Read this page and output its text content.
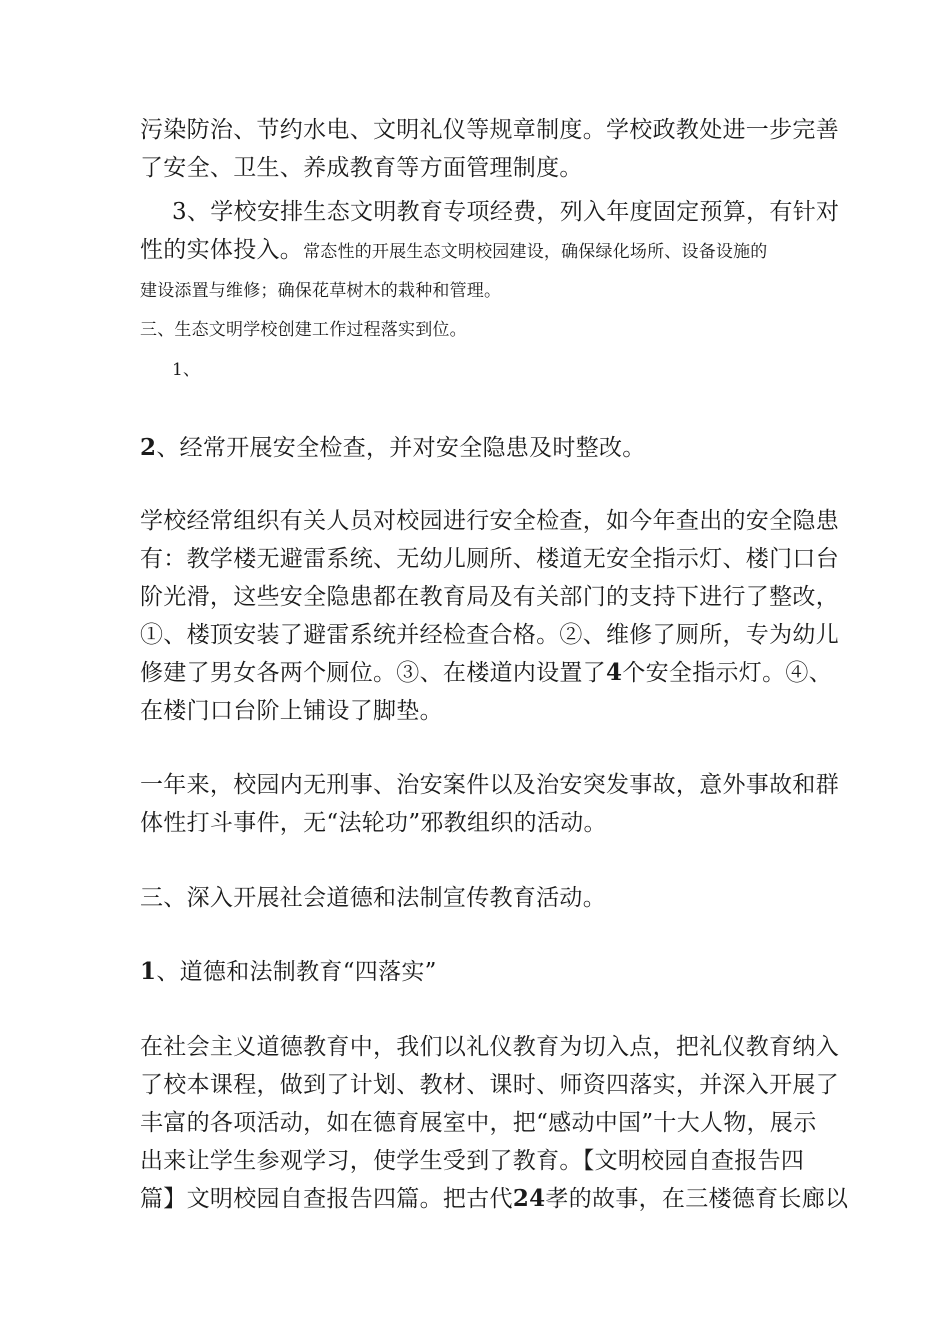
污染防治、节约水电、文明礼仪等规章制度。学校政教处进一步完善
了安全、卫生、养成教育等方面管理制度。
3、学校安排生态文明教育专项经费，列入年度固定预算，有针对
性的实体投入。常态性的开展生态文明校园建设，确保绿化场所、设备设施的
建设添置与维修；确保花草树木的栽种和管理。
三、生态文明学校创建工作过程落实到位。
1、
2、经常开展安全检查，并对安全隐患及时整改。
学校经常组织有关人员对校园进行安全检查，如今年查出的安全隐患
有：教学楼无避雷系统、无幼儿厕所、楼道无安全指示灯、楼门口台
阶光滑，这些安全隐患都在教育局及有关部门的支持下进行了整改，
①、楼顶安装了避雷系统并经检查合格。②、维修了厕所，专为幼儿
修建了男女各两个厕位。③、在楼道内设置了4个安全指示灯。④、
在楼门口台阶上铺设了脚垫。
一年来，校园内无刑事、治安案件以及治安突发事故，意外事故和群
体性打斗事件，无“法轮功”邪教组织的活动。
三、深入开展社会道德和法制宣传教育活动。
1、道德和法制教育“四落实”
在社会主义道德教育中，我们以礼仪教育为切入点，把礼仪教育纳入
了校本课程，做到了计划、教材、课时、师资四落实，并深入开展了
丰富的各项活动，如在德育展室中，把“感动中国”十大人物，展示
出来让学生参观学习，使学生受到了教育。【文明校园自查报告四
篇】文明校园自查报告四篇。把古代24孝的故事，在三楼德育长廊以
